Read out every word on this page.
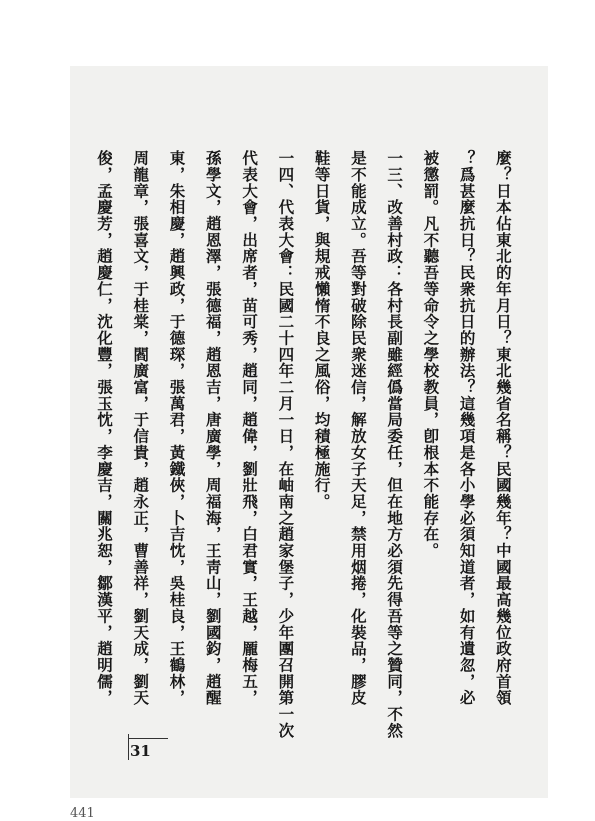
麼？日本佔東北的年月日？東北幾省名稱？民國幾年？中國最高幾位政府首領
？爲甚麼抗日？民衆抗日的辦法？這幾項是各小學必須知道者，如有遺忽，必
被懲罰。凡不聽吾等命令之學校教員，卽根本不能存在。
一三、改善村政：各村長副雖經僞當局委任，但在地方必須先得吾等之贊同，不然
是不能成立。吾等對破除民衆迷信，解放女子天足，禁用烟捲，化裝品，膠皮
鞋等日貨，與規戒懶惰不良之風俗，均積極施行。
一四、代表大會：民國二十四年二月一日，在岫南之趙家堡子，少年團召開第一次
代表大會，出席者，苗可秀，趙同，趙偉，劉壯飛，白君實，王越，龎梅五，
孫學文，趙恩澤，張德福，趙恩吉，唐廣學，周福海，王靑山，劉國鈞，趙醒
東，朱相慶，趙興政，于德琛，張萬君，黃鐵俠，卜吉忱，吳桂良，王鶴林，
周龍章，張喜文，于桂棠，閻廣富，于信貴，趙永正，曹善祥，劉天成，劉天
俊，孟慶芳，趙慶仁，沈化豐，張玉忱，李慶吉，關兆恕，鄒漢平，趙明儒，
31
441
